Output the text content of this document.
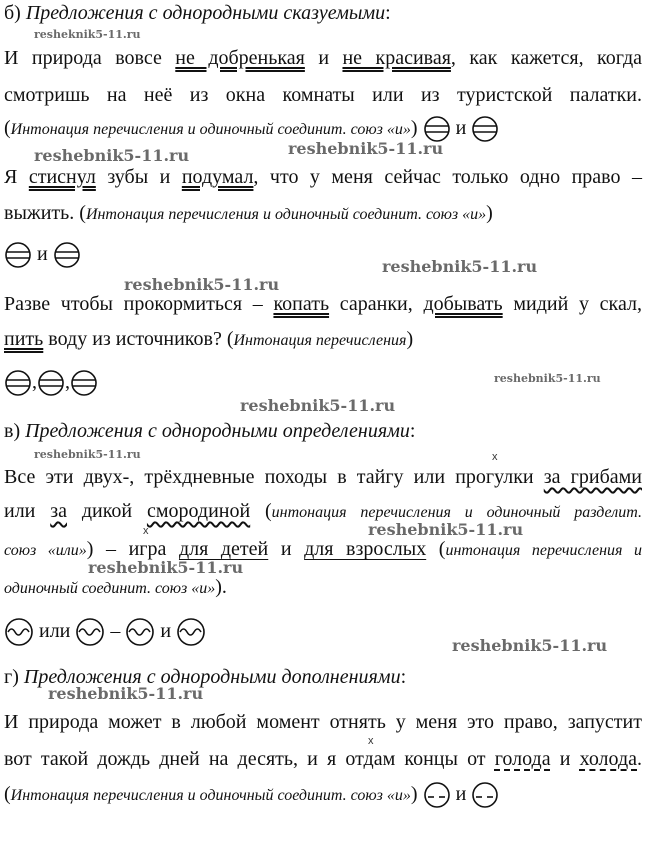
б) Предложения с однородными сказуемыми:
resheknik5-11.ru
И природа вовсе не добренькая и не красивая, как кажется, когда
смотришь на неё из окна комнаты или из туристской палатки.
(Интонация перечисления и одиночный соединит. союз «и») и
reshebnik5-11.ru	reshebnik5-11.ru
Я стиснул зубы и подумал, что у меня сейчас только одно право –
выжить. (Интонация перечисления и одиночный соединит. союз «и»)
и
reshebnik5-11.ru
reshebnik5-11.ru
Разве чтобы прокормиться – копать саранки, добывать мидий у скал,
пить воду из источников? (Интонация перечисления)
, ,	reshebnik5-11.ru
reshebnik5-11.ru
в) Предложения с однородными определениями:
reshebnik5-11.ru	x
Все эти двух-, трёхдневные походы в тайгу или прогулки за грибами
или за дикой смородиной (интонация перечисления и одиночный разделит.
x	reshebnik5-11.ru
союз «или») – игра для детей и для взрослых (интонация перечисления и
reshebnik5-11.ru
одиночный соединит. союз «и»).
или – и
reshebnik5-11.ru
г) Предложения с однородными дополнениями:
reshebnik5-11.ru
И природа может в любой момент отнять у меня это право, запустит
x
вот такой дождь дней на десять, и я отдам концы от голода и холода.
(Интонация перечисления и одиночный соединит. союз «и») и
